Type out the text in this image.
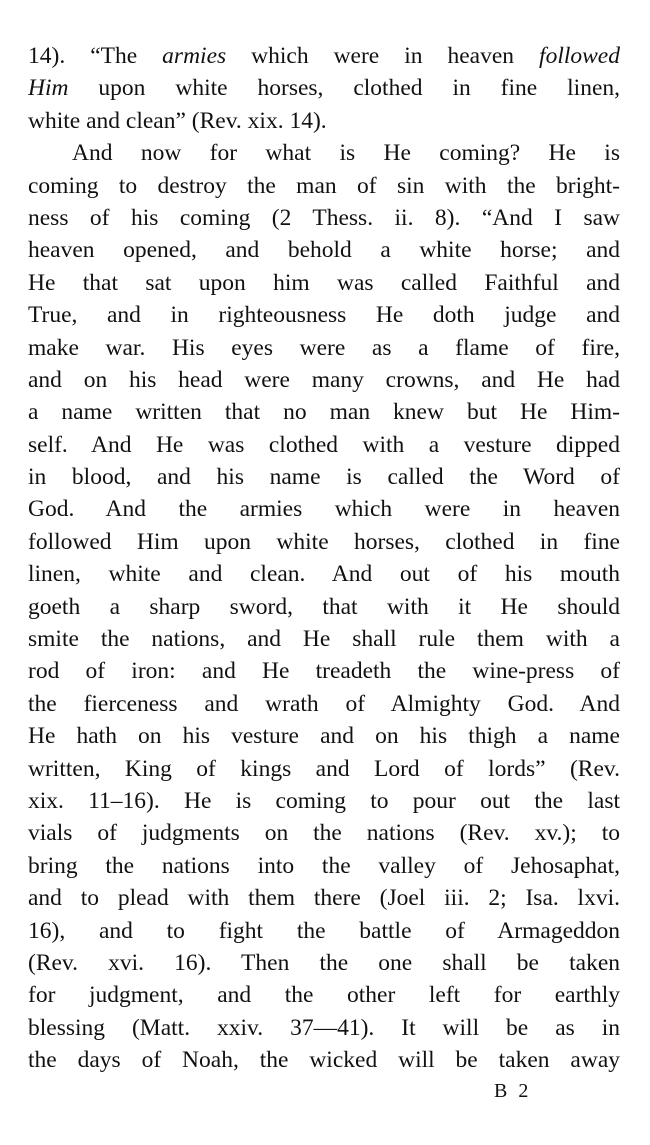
14). “The armies which were in heaven followed
Him upon white horses, clothed in fine linen,
white and clean” (Rev. xix. 14).
And now for what is He coming? He is
coming to destroy the man of sin with the bright-
ness of his coming (2 Thess. ii. 8). “And I saw
heaven opened, and behold a white horse; and
He that sat upon him was called Faithful and
True, and in righteousness He doth judge and
make war. His eyes were as a flame of fire,
and on his head were many crowns, and He had
a name written that no man knew but He Him-
self. And He was clothed with a vesture dipped
in blood, and his name is called the Word of
God. And the armies which were in heaven
followed Him upon white horses, clothed in fine
linen, white and clean. And out of his mouth
goeth a sharp sword, that with it He should
smite the nations, and He shall rule them with a
rod of iron: and He treadeth the wine-press of
the fierceness and wrath of Almighty God. And
He hath on his vesture and on his thigh a name
written, King of kings and Lord of lords” (Rev.
xix. 11–16). He is coming to pour out the last
vials of judgments on the nations (Rev. xv.); to
bring the nations into the valley of Jehosaphat,
and to plead with them there (Joel iii. 2; Isa. lxvi.
16), and to fight the battle of Armageddon
(Rev. xvi. 16). Then the one shall be taken
for judgment, and the other left for earthly
blessing (Matt. xxiv. 37—41). It will be as in
the days of Noah, the wicked will be taken away
B 2
